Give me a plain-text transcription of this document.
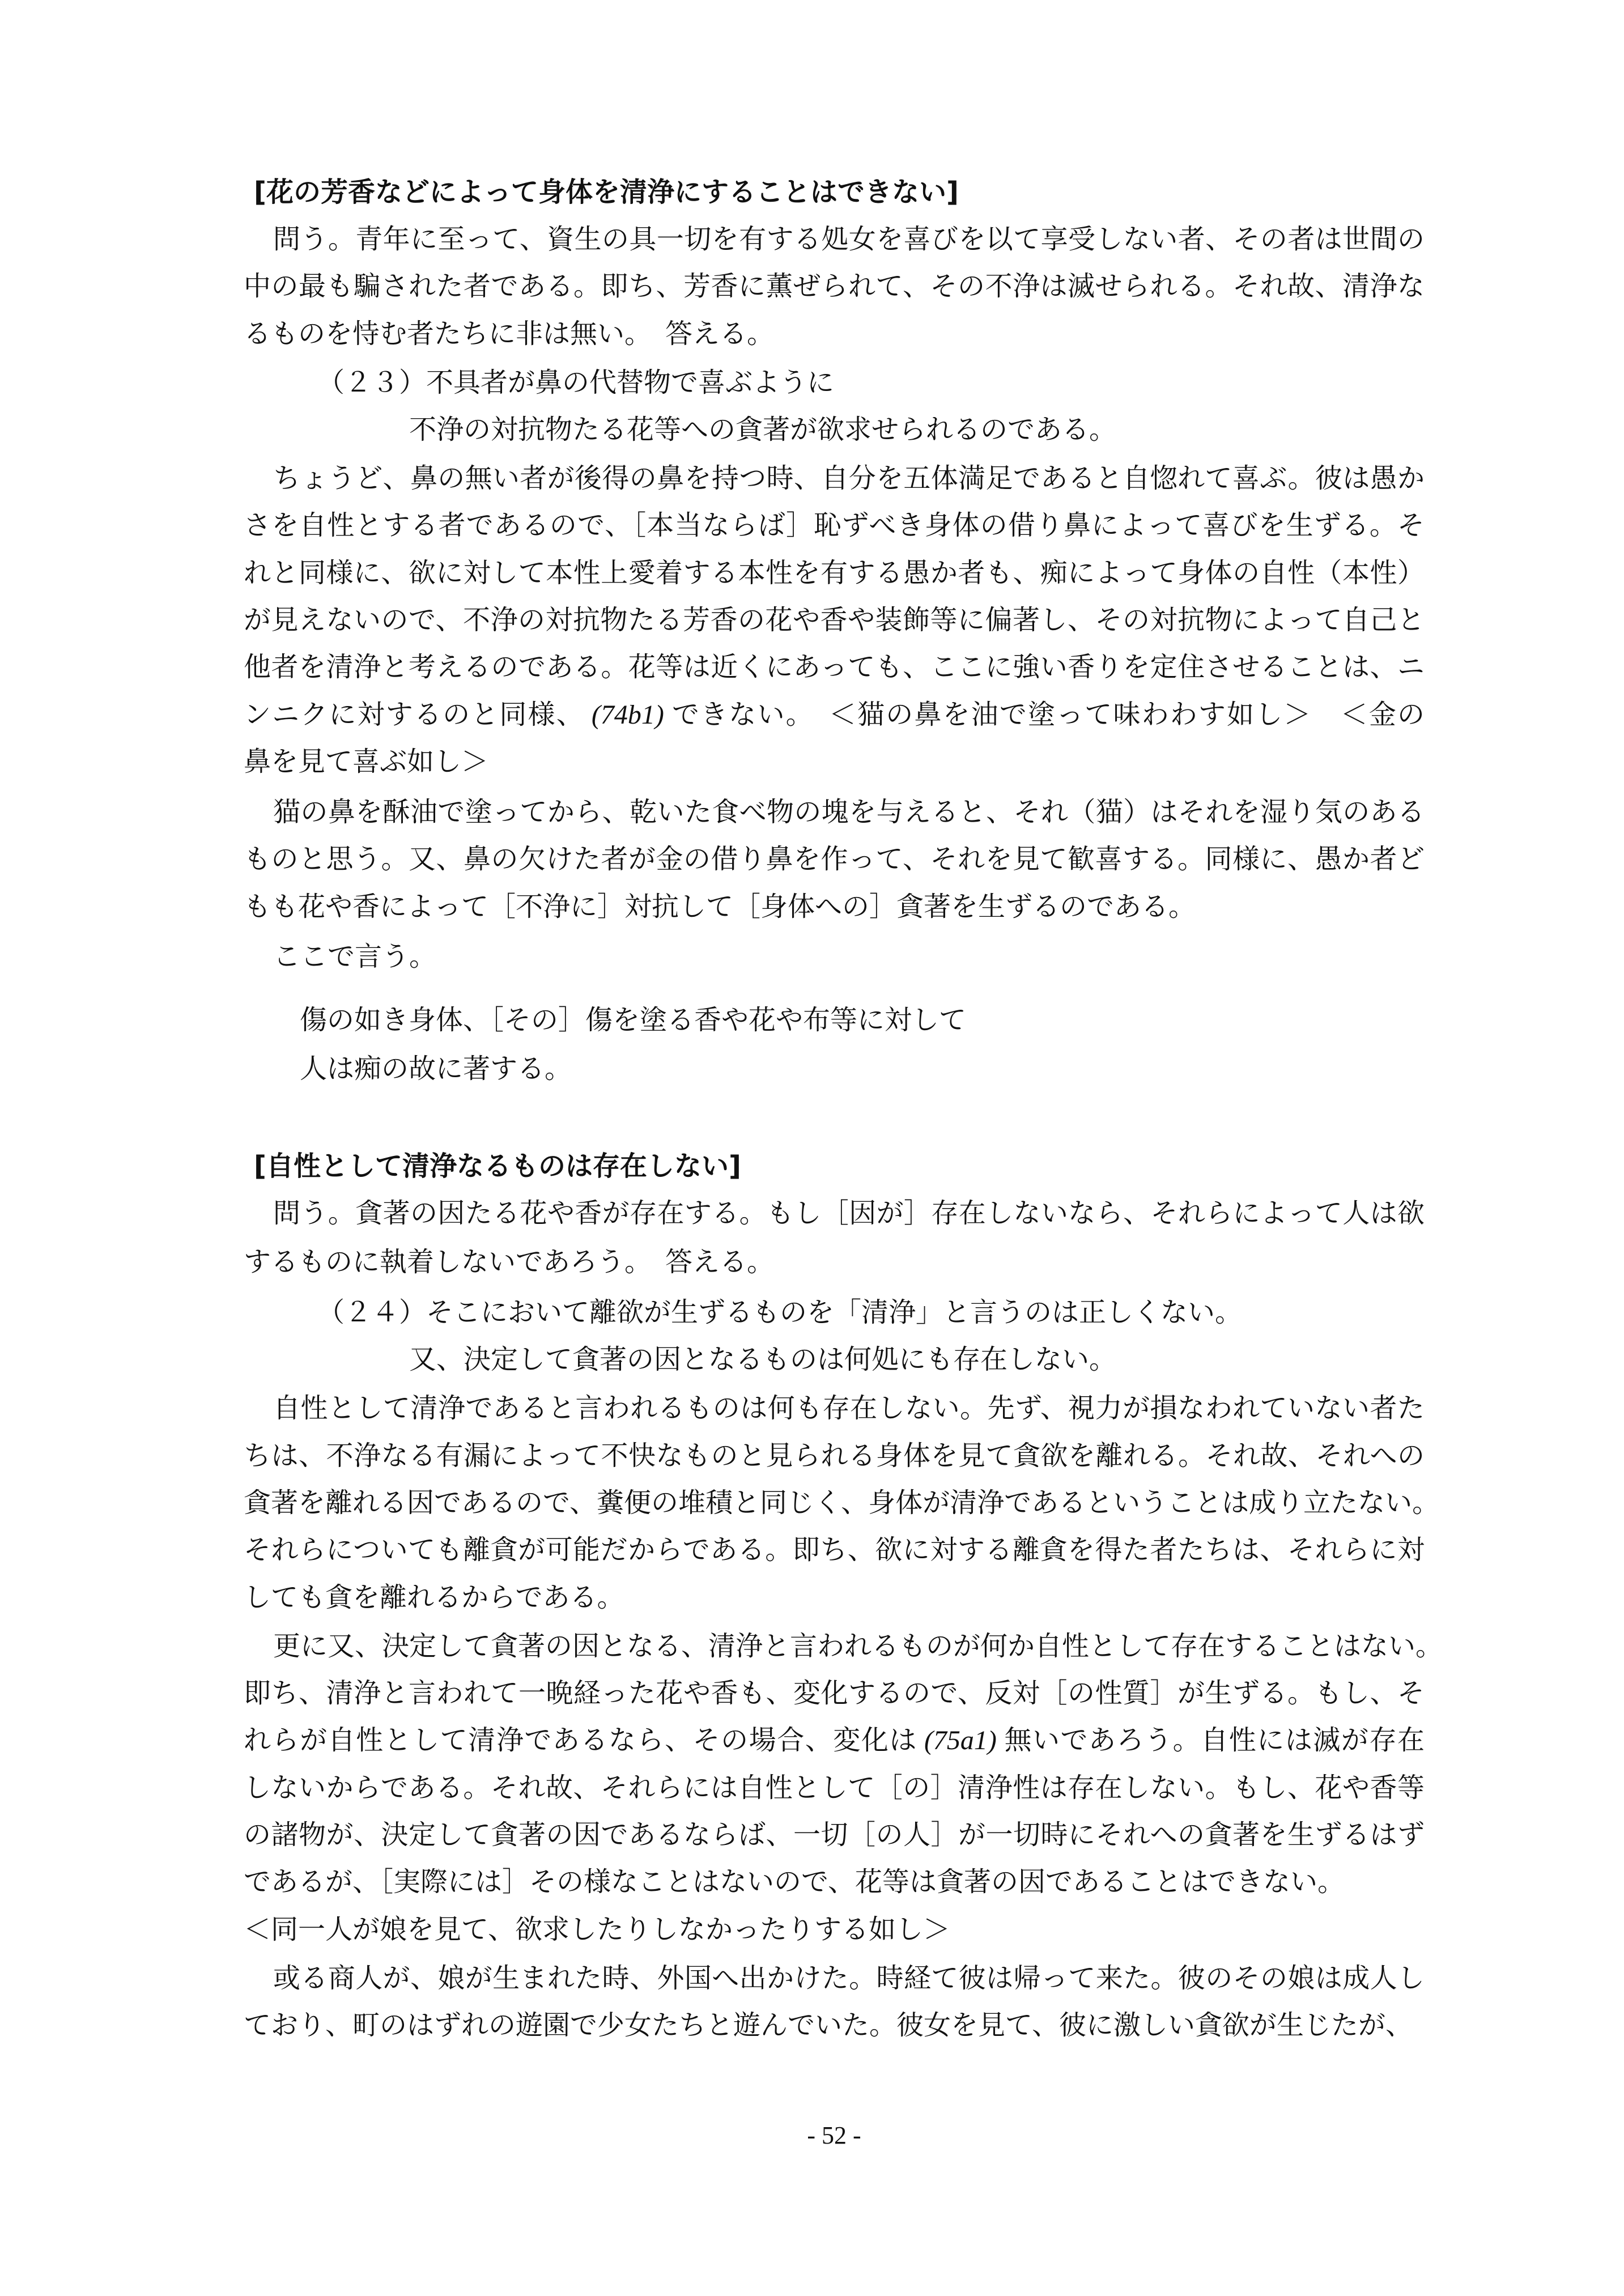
[花の芳香などによって身体を清浄にすることはできない]
問う。青年に至って、資生の具一切を有する処女を喜びを以て享受しない者、その者は世間の
中の最も騙された者である。即ち、芳香に薫ぜられて、その不浄は滅せられる。それ故、清浄な
るものを恃む者たちに非は無い。　答える。
（２３）不具者が鼻の代替物で喜ぶように
不浄の対抗物たる花等への貪著が欲求せられるのである。
ちょうど、鼻の無い者が後得の鼻を持つ時、自分を五体満足であると自惚れて喜ぶ。彼は愚か
さを自性とする者であるので、［本当ならば］恥ずべき身体の借り鼻によって喜びを生ずる。そ
れと同様に、欲に対して本性上愛着する本性を有する愚か者も、痴によって身体の自性（本性）
が見えないので、不浄の対抗物たる芳香の花や香や装飾等に偏著し、その対抗物によって自己と
他者を清浄と考えるのである。花等は近くにあっても、ここに強い香りを定住させることは、ニ
ンニクに対するのと同様、 (74b1) できない。　＜猫の鼻を油で塗って味わわす如し＞　＜金の
鼻を見て喜ぶ如し＞
猫の鼻を酥油で塗ってから、乾いた食べ物の塊を与えると、それ（猫）はそれを湿り気のある
ものと思う。又、鼻の欠けた者が金の借り鼻を作って、それを見て歓喜する。同様に、愚か者ど
もも花や香によって［不浄に］対抗して［身体への］貪著を生ずるのである。
ここで言う。
傷の如き身体、［その］傷を塗る香や花や布等に対して
人は痴の故に著する。
[自性として清浄なるものは存在しない]
問う。貪著の因たる花や香が存在する。もし［因が］存在しないなら、それらによって人は欲
するものに執着しないであろう。　答える。
（２４）そこにおいて離欲が生ずるものを「清浄」と言うのは正しくない。
又、決定して貪著の因となるものは何処にも存在しない。
自性として清浄であると言われるものは何も存在しない。先ず、視力が損なわれていない者た
ちは、不浄なる有漏によって不快なものと見られる身体を見て貪欲を離れる。それ故、それへの
貪著を離れる因であるので、糞便の堆積と同じく、身体が清浄であるということは成り立たない。
それらについても離貪が可能だからである。即ち、欲に対する離貪を得た者たちは、それらに対
しても貪を離れるからである。
更に又、決定して貪著の因となる、清浄と言われるものが何か自性として存在することはない。
即ち、清浄と言われて一晩経った花や香も、変化するので、反対［の性質］が生ずる。もし、そ
れらが自性として清浄であるなら、その場合、変化は (75a1) 無いであろう。自性には滅が存在
しないからである。それ故、それらには自性として［の］清浄性は存在しない。もし、花や香等
の諸物が、決定して貪著の因であるならば、一切［の人］が一切時にそれへの貪著を生ずるはず
であるが、［実際には］その様なことはないので、花等は貪著の因であることはできない。
＜同一人が娘を見て、欲求したりしなかったりする如し＞
或る商人が、娘が生まれた時、外国へ出かけた。時経て彼は帰って来た。彼のその娘は成人し
ており、町のはずれの遊園で少女たちと遊んでいた。彼女を見て、彼に激しい貪欲が生じたが、
- 52 -
